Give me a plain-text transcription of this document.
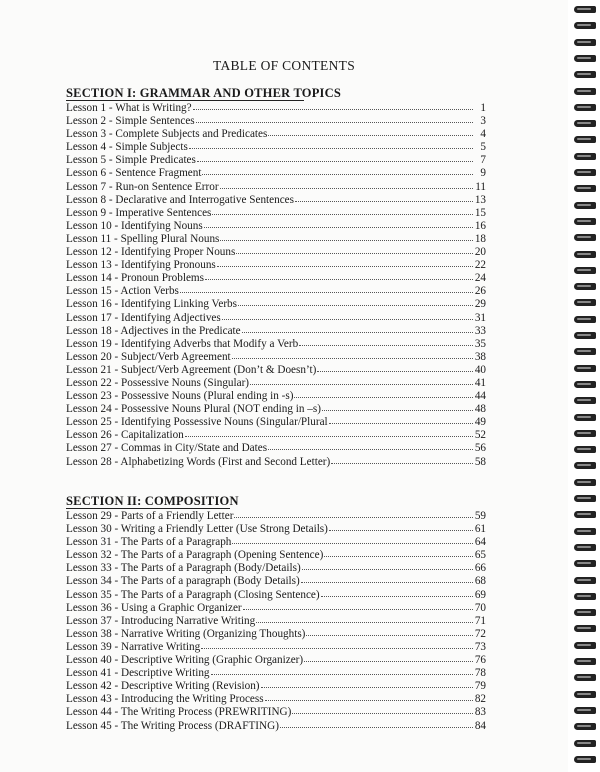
TABLE OF CONTENTS
SECTION I: GRAMMAR AND OTHER TOPICS
Lesson 1 - What is Writing?	1
Lesson 2 - Simple Sentences	3
Lesson 3 - Complete Subjects and Predicates	4
Lesson 4 - Simple Subjects	5
Lesson 5 - Simple Predicates	7
Lesson 6 - Sentence Fragment	9
Lesson 7 - Run-on Sentence Error	11
Lesson 8 - Declarative and Interrogative Sentences	13
Lesson 9 - Imperative Sentences	15
Lesson 10 - Identifying Nouns	16
Lesson 11 - Spelling Plural Nouns	18
Lesson 12 - Identifying Proper Nouns	20
Lesson 13 - Identifying Pronouns	22
Lesson 14 - Pronoun Problems	24
Lesson 15 - Action Verbs	26
Lesson 16 - Identifying Linking Verbs	29
Lesson 17 - Identifying Adjectives	31
Lesson 18 - Adjectives in the Predicate	33
Lesson 19 - Identifying Adverbs that Modify a Verb	35
Lesson 20 - Subject/Verb Agreement	38
Lesson 21 - Subject/Verb Agreement (Don’t & Doesn’t)	40
Lesson 22 - Possessive Nouns (Singular)	41
Lesson 23 - Possessive Nouns (Plural ending in -s)	44
Lesson 24 - Possessive Nouns Plural (NOT ending in –s)	48
Lesson 25 - Identifying Possessive Nouns (Singular/Plural	49
Lesson 26 - Capitalization	52
Lesson 27 - Commas in City/State and Dates	56
Lesson 28 - Alphabetizing Words (First and Second Letter)	58
SECTION II: COMPOSITION
Lesson 29 - Parts of a Friendly Letter	59
Lesson 30 - Writing a Friendly Letter (Use Strong Details)	61
Lesson 31 - The Parts of a Paragraph	64
Lesson 32 - The Parts of a Paragraph (Opening Sentence)	65
Lesson 33 - The Parts of a Paragraph (Body/Details)	66
Lesson 34 - The Parts of a paragraph (Body Details)	68
Lesson 35 - The Parts of a Paragraph (Closing Sentence)	69
Lesson 36 - Using a Graphic Organizer	70
Lesson 37 - Introducing Narrative Writing	71
Lesson 38 - Narrative Writing (Organizing Thoughts)	72
Lesson 39 - Narrative Writing	73
Lesson 40 - Descriptive Writing (Graphic Organizer)	76
Lesson 41 - Descriptive Writing	78
Lesson 42 - Descriptive Writing (Revision)	79
Lesson 43 - Introducing the Writing Process	82
Lesson 44 - The Writing Process (PREWRITING)	83
Lesson 45 - The Writing Process (DRAFTING)	84
